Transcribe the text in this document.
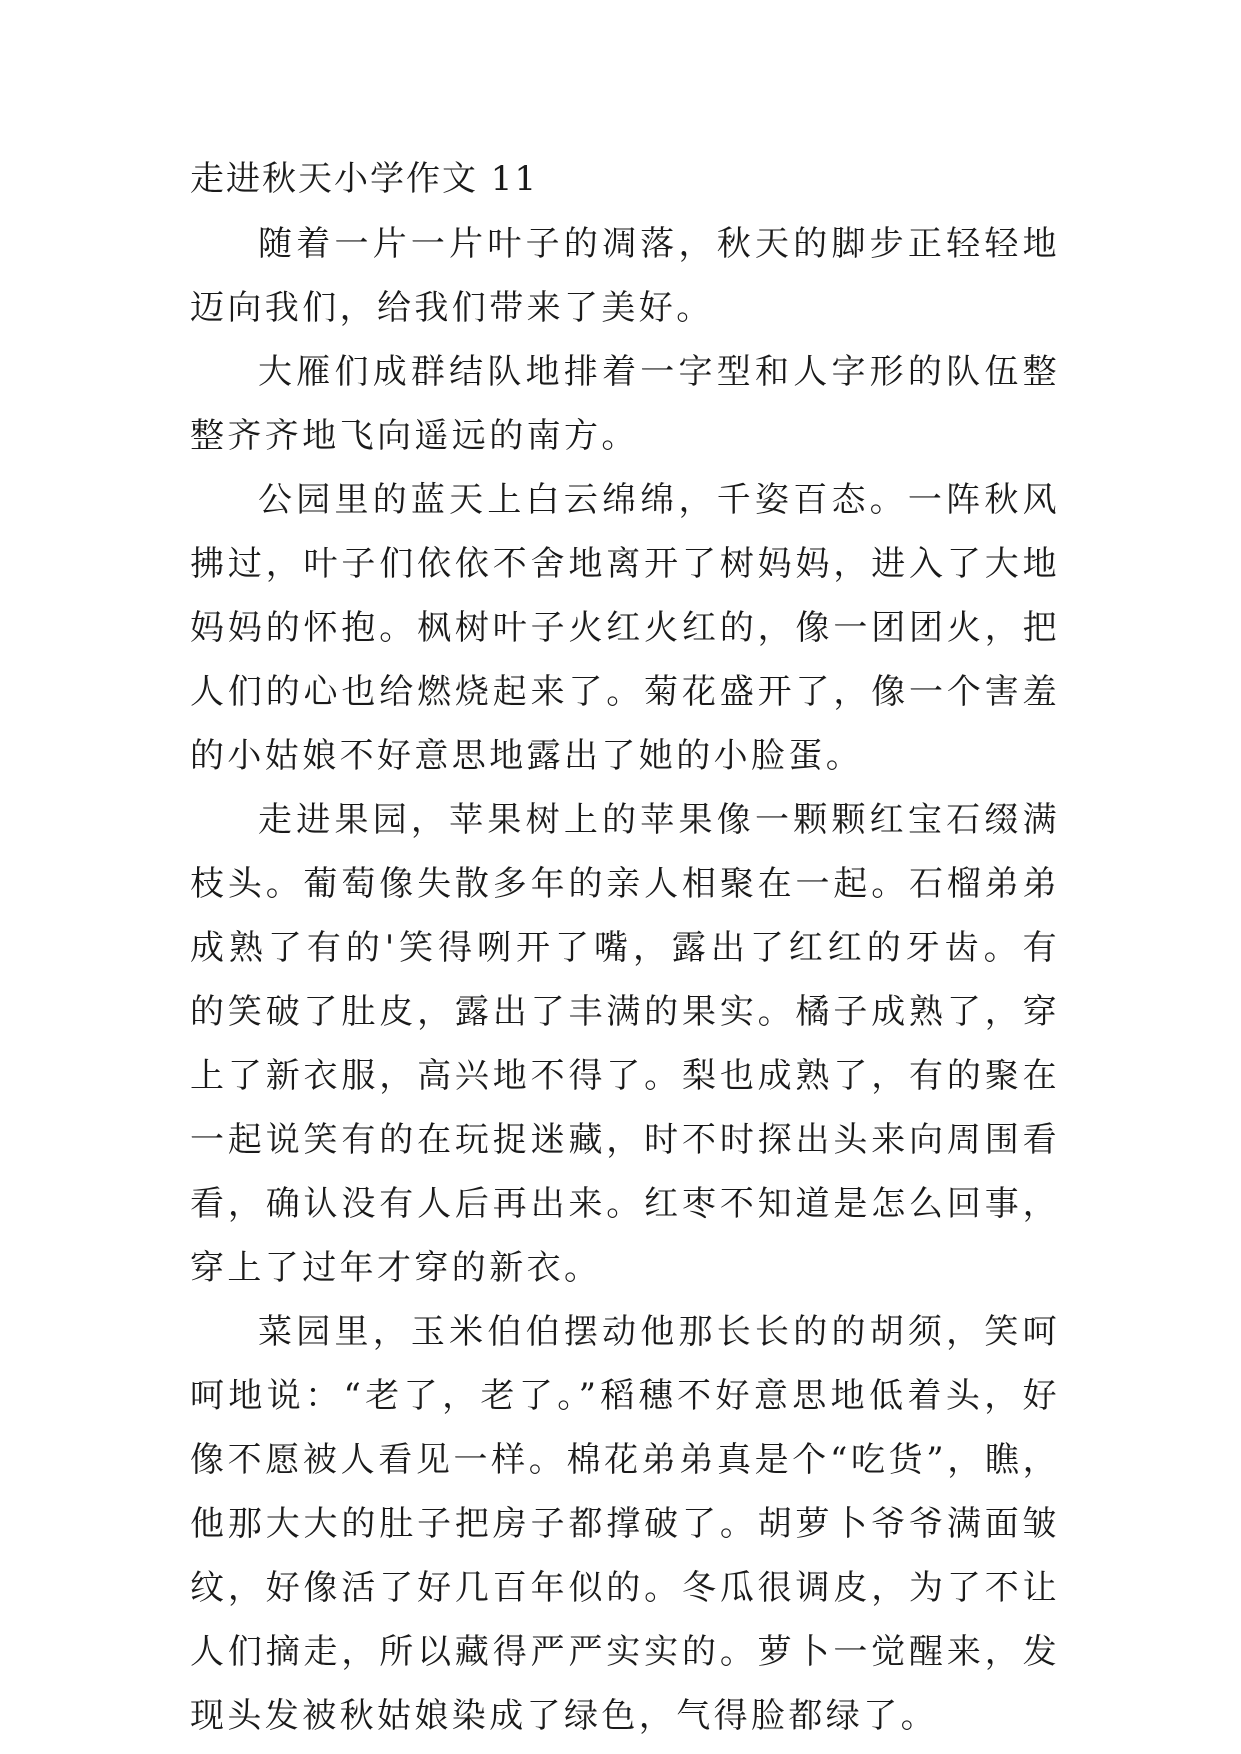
走进秋天小学作文 11

随着一片一片叶子的凋落，秋天的脚步正轻轻地迈向我们，给我们带来了美好。

大雁们成群结队地排着一字型和人字形的队伍整整齐齐地飞向遥远的南方。

公园里的蓝天上白云绵绵，千姿百态。一阵秋风拂过，叶子们依依不舍地离开了树妈妈，进入了大地妈妈的怀抱。枫树叶子火红火红的，像一团团火，把人们的心也给燃烧起来了。菊花盛开了，像一个害羞的小姑娘不好意思地露出了她的小脸蛋。

走进果园，苹果树上的苹果像一颗颗红宝石缀满枝头。葡萄像失散多年的亲人相聚在一起。石榴弟弟成熟了有的'笑得咧开了嘴，露出了红红的牙齿。有的笑破了肚皮，露出了丰满的果实。橘子成熟了，穿上了新衣服，高兴地不得了。梨也成熟了，有的聚在一起说笑有的在玩捉迷藏，时不时探出头来向周围看看，确认没有人后再出来。红枣不知道是怎么回事，穿上了过年才穿的新衣。

菜园里，玉米伯伯摆动他那长长的的胡须，笑呵呵地说：“老了，老了。”稻穗不好意思地低着头，好像不愿被人看见一样。棉花弟弟真是个“吃货”，瞧，他那大大的肚子把房子都撑破了。胡萝卜爷爷满面皱纹，好像活了好几百年似的。冬瓜很调皮，为了不让人们摘走，所以藏得严严实实的。萝卜一觉醒来，发现头发被秋姑娘染成了绿色，气得脸都绿了。
